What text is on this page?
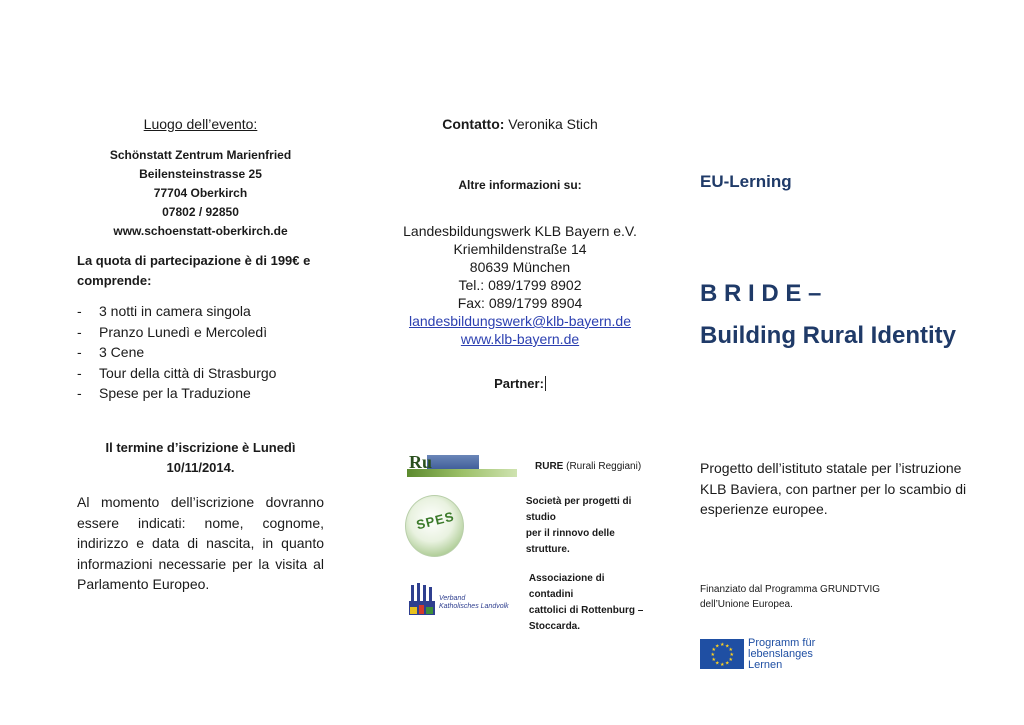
Luogo dell’evento:
Schönstatt Zentrum Marienfried
Beilensteinstrasse 25
77704 Oberkirch
07802 / 92850
www.schoenstatt-oberkirch.de
La quota di partecipazione è di 199€ e
comprende:
-	3 notti in camera singola
-	Pranzo Lunedì e Mercoledì
-	3 Cene
-	Tour della città di Strasburgo
-	Spese per la Traduzione
Il termine d’iscrizione è Lunedì
10/11/2014.
Al momento dell’iscrizione dovranno essere indicati: nome, cognome, indirizzo e data di nascita, in quanto informazioni necessarie per la visita al Parlamento Europeo.
Contatto: Veronika Stich
Altre informazioni su:
Landesbildungswerk KLB Bayern e.V.
Kriemhildenstraße 14
80639 München
Tel.: 089/1799 8902
Fax: 089/1799 8904
landesbildungswerk@klb-bayern.de
www.klb-bayern.de
Partner:
Ru	RURE (Rurali Reggiani)
SPES
Società per progetti di studio
per il rinnovo delle strutture.
Verband
Katholisches Landvolk
Associazione di contadini
cattolici di Rottenburg –
Stoccarda.
EU-Lerning
B R I D E –
Building Rural Identity
Progetto dell’istituto statale per l’istruzione KLB Baviera, con partner per lo scambio di esperienze europee.
Finanziato dal Programma GRUNDTVIG
dell’Unione Europea.
★ ★
★
★
★
★
★
★
★
★
★
★	Programm für
lebenslanges
Lernen
